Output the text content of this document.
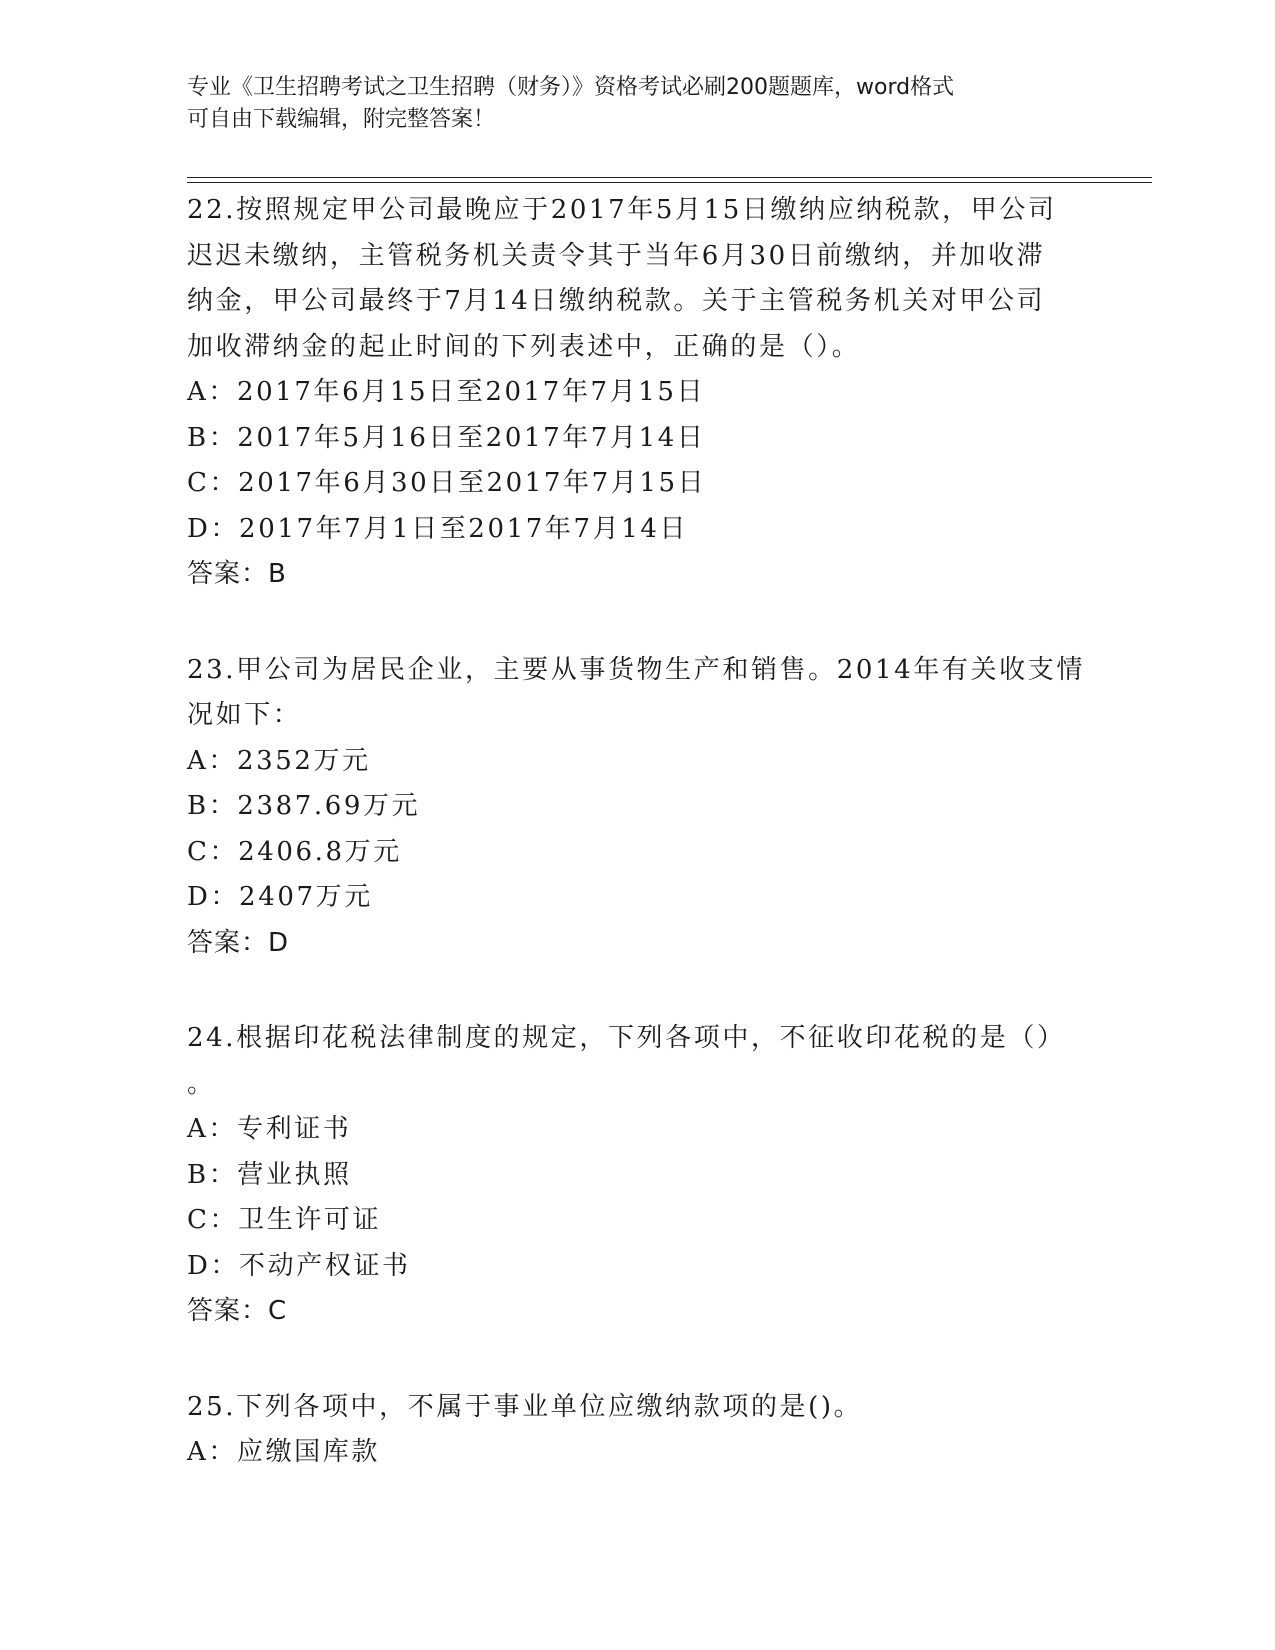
专业《卫生招聘考试之卫生招聘（财务）》资格考试必刷200题题库，word格式
可自由下载编辑，附完整答案！
22.按照规定甲公司最晚应于2017年5月15日缴纳应纳税款，甲公司
迟迟未缴纳，主管税务机关责令其于当年6月30日前缴纳，并加收滞
纳金，甲公司最终于7月14日缴纳税款。关于主管税务机关对甲公司
加收滞纳金的起止时间的下列表述中，正确的是（）。
A：2017年6月15日至2017年7月15日
B：2017年5月16日至2017年7月14日
C：2017年6月30日至2017年7月15日
D：2017年7月1日至2017年7月14日
答案：B
23.甲公司为居民企业，主要从事货物生产和销售。2014年有关收支情
况如下：
A：2352万元
B：2387.69万元
C：2406.8万元
D：2407万元
答案：D
24.根据印花税法律制度的规定，下列各项中，不征收印花税的是（）
。
A：专利证书
B：营业执照
C：卫生许可证
D：不动产权证书
答案：C
25.下列各项中，不属于事业单位应缴纳款项的是()。
A：应缴国库款
